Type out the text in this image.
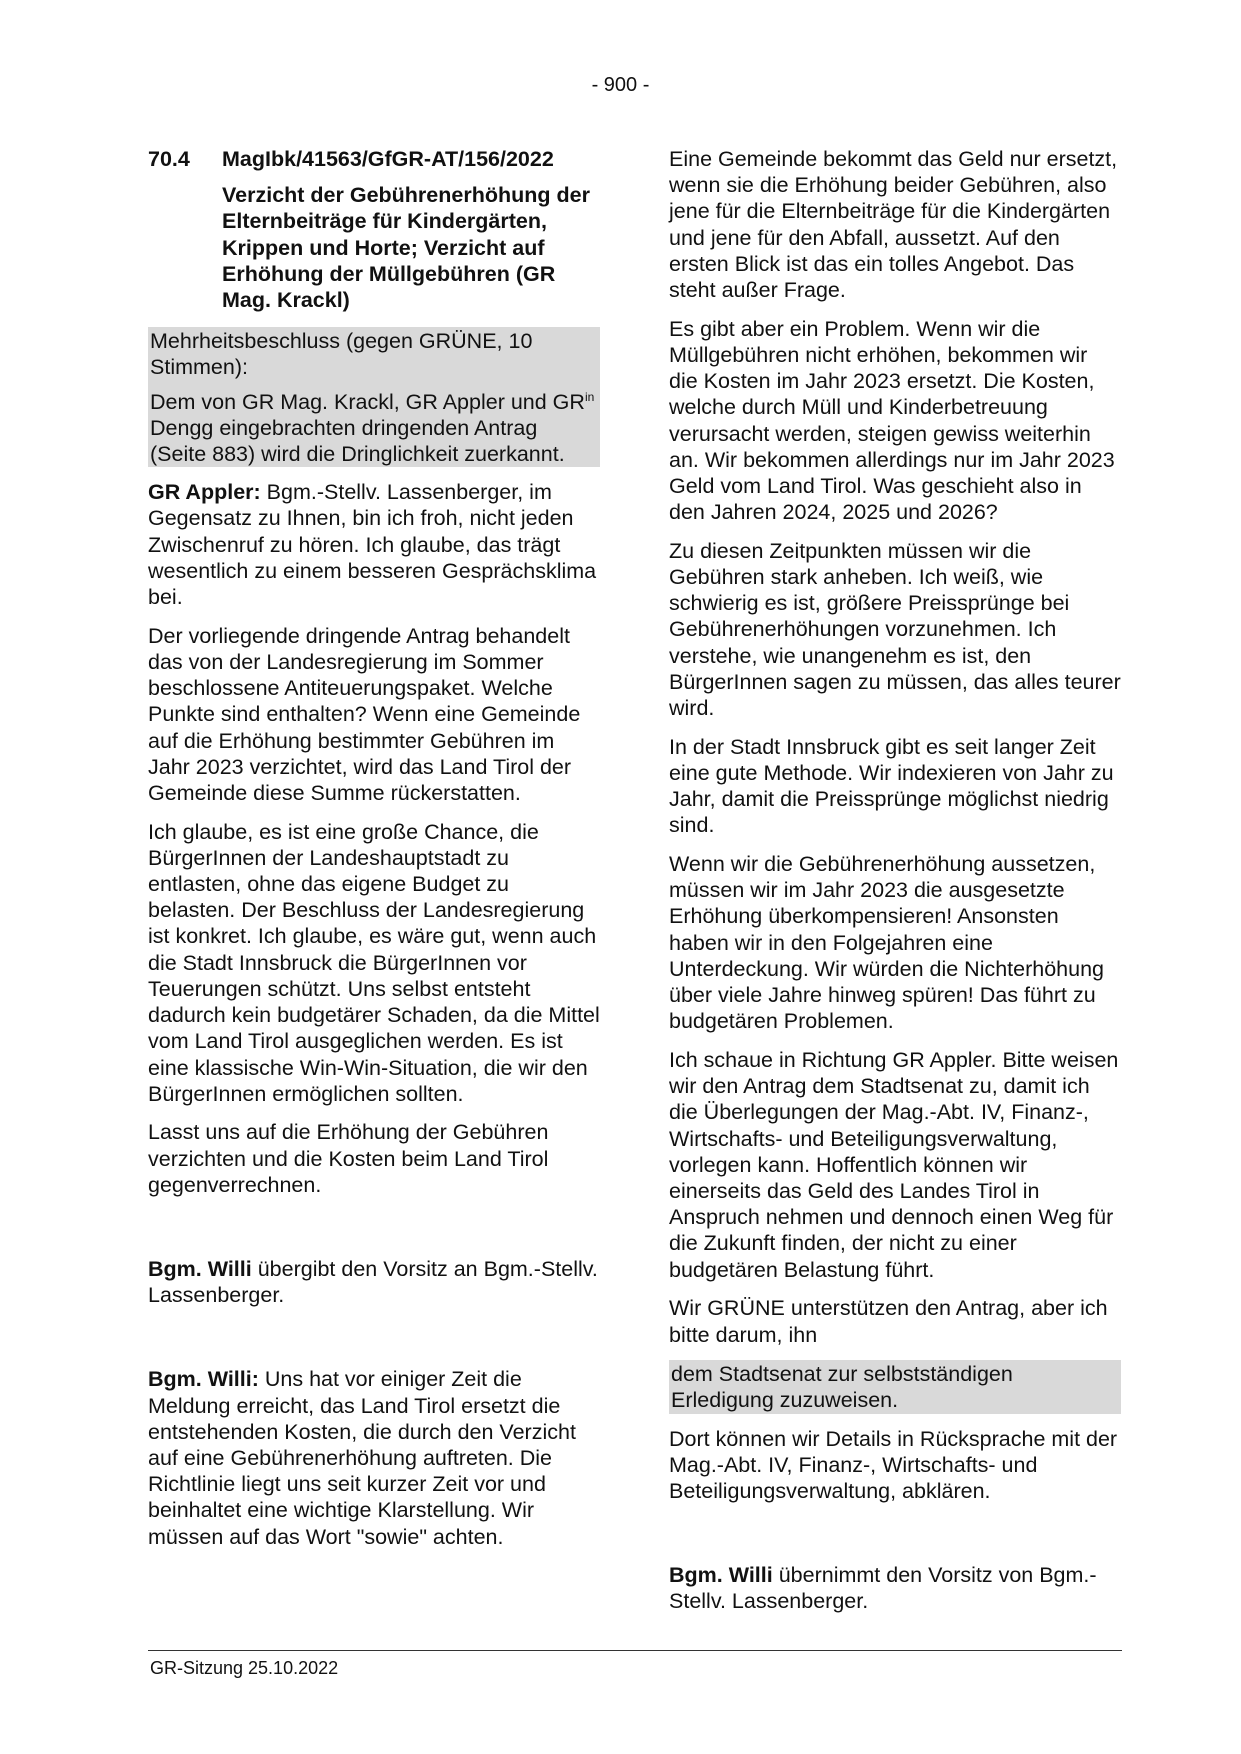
- 900 -
70.4	MagIbk/41563/GfGR-AT/156/2022

Verzicht der Gebührenerhöhung der Elternbeiträge für Kindergärten, Krippen und Horte; Verzicht auf Erhöhung der Müllgebühren (GR Mag. Krackl)

Mehrheitsbeschluss (gegen GRÜNE, 10 Stimmen):

Dem von GR Mag. Krackl, GR Appler und $GR^{in}$ Dengg eingebrachten dringenden Antrag (Seite 883) wird die Dringlichkeit zuerkannt.

GR Appler: Bgm.-Stellv. Lassenberger, im Gegensatz zu Ihnen, bin ich froh, nicht jeden Zwischenruf zu hören. Ich glaube, das trägt wesentlich zu einem besseren Gesprächsklima bei.

Der vorliegende dringende Antrag behandelt das von der Landesregierung im Sommer beschlossene Antiteuerungspaket. Welche Punkte sind enthalten? Wenn eine Gemeinde auf die Erhöhung bestimmter Gebühren im Jahr 2023 verzichtet, wird das Land Tirol der Gemeinde diese Summe rückerstatten.

Ich glaube, es ist eine große Chance, die BürgerInnen der Landeshauptstadt zu entlasten, ohne das eigene Budget zu belasten. Der Beschluss der Landesregierung ist konkret. Ich glaube, es wäre gut, wenn auch die Stadt Innsbruck die BürgerInnen vor Teuerungen schützt. Uns selbst entsteht dadurch kein budgetärer Schaden, da die Mittel vom Land Tirol ausgeglichen werden. Es ist eine klassische Win-Win-Situation, die wir den BürgerInnen ermöglichen sollten.

Lasst uns auf die Erhöhung der Gebühren verzichten und die Kosten beim Land Tirol gegenverrechnen.

Bgm. Willi übergibt den Vorsitz an Bgm.-Stellv. Lassenberger.

Bgm. Willi: Uns hat vor einiger Zeit die Meldung erreicht, das Land Tirol ersetzt die entstehenden Kosten, die durch den Verzicht auf eine Gebührenerhöhung auftreten. Die Richtlinie liegt uns seit kurzer Zeit vor und beinhaltet eine wichtige Klarstellung. Wir müssen auf das Wort "sowie" achten.

Eine Gemeinde bekommt das Geld nur ersetzt, wenn sie die Erhöhung beider Gebühren, also jene für die Elternbeiträge für die Kindergärten und jene für den Abfall, aussetzt. Auf den ersten Blick ist das ein tolles Angebot. Das steht außer Frage.

Es gibt aber ein Problem. Wenn wir die Müllgebühren nicht erhöhen, bekommen wir die Kosten im Jahr 2023 ersetzt. Die Kosten, welche durch Müll und Kinderbetreuung verursacht werden, steigen gewiss weiterhin an. Wir bekommen allerdings nur im Jahr 2023 Geld vom Land Tirol. Was geschieht also in den Jahren 2024, 2025 und 2026?

Zu diesen Zeitpunkten müssen wir die Gebühren stark anheben. Ich weiß, wie schwierig es ist, größere Preissprünge bei Gebührenerhöhungen vorzunehmen. Ich verstehe, wie unangenehm es ist, den BürgerInnen sagen zu müssen, das alles teurer wird.

In der Stadt Innsbruck gibt es seit langer Zeit eine gute Methode. Wir indexieren von Jahr zu Jahr, damit die Preissprünge möglichst niedrig sind.

Wenn wir die Gebührenerhöhung aussetzen, müssen wir im Jahr 2023 die ausgesetzte Erhöhung überkompensieren! Ansonsten haben wir in den Folgejahren eine Unterdeckung. Wir würden die Nichterhöhung über viele Jahre hinweg spüren! Das führt zu budgetären Problemen.

Ich schaue in Richtung GR Appler. Bitte weisen wir den Antrag dem Stadtsenat zu, damit ich die Überlegungen der Mag.-Abt. IV, Finanz-, Wirtschafts- und Beteiligungsverwaltung, vorlegen kann. Hoffentlich können wir einerseits das Geld des Landes Tirol in Anspruch nehmen und dennoch einen Weg für die Zukunft finden, der nicht zu einer budgetären Belastung führt.

Wir GRÜNE unterstützen den Antrag, aber ich bitte darum, ihn

dem Stadtsenat zur selbstständigen Erledigung zuzuweisen.

Dort können wir Details in Rücksprache mit der Mag.-Abt. IV, Finanz-, Wirtschafts- und Beteiligungsverwaltung, abklären.

Bgm. Willi übernimmt den Vorsitz von Bgm.-Stellv. Lassenberger.

GR-Sitzung 25.10.2022
